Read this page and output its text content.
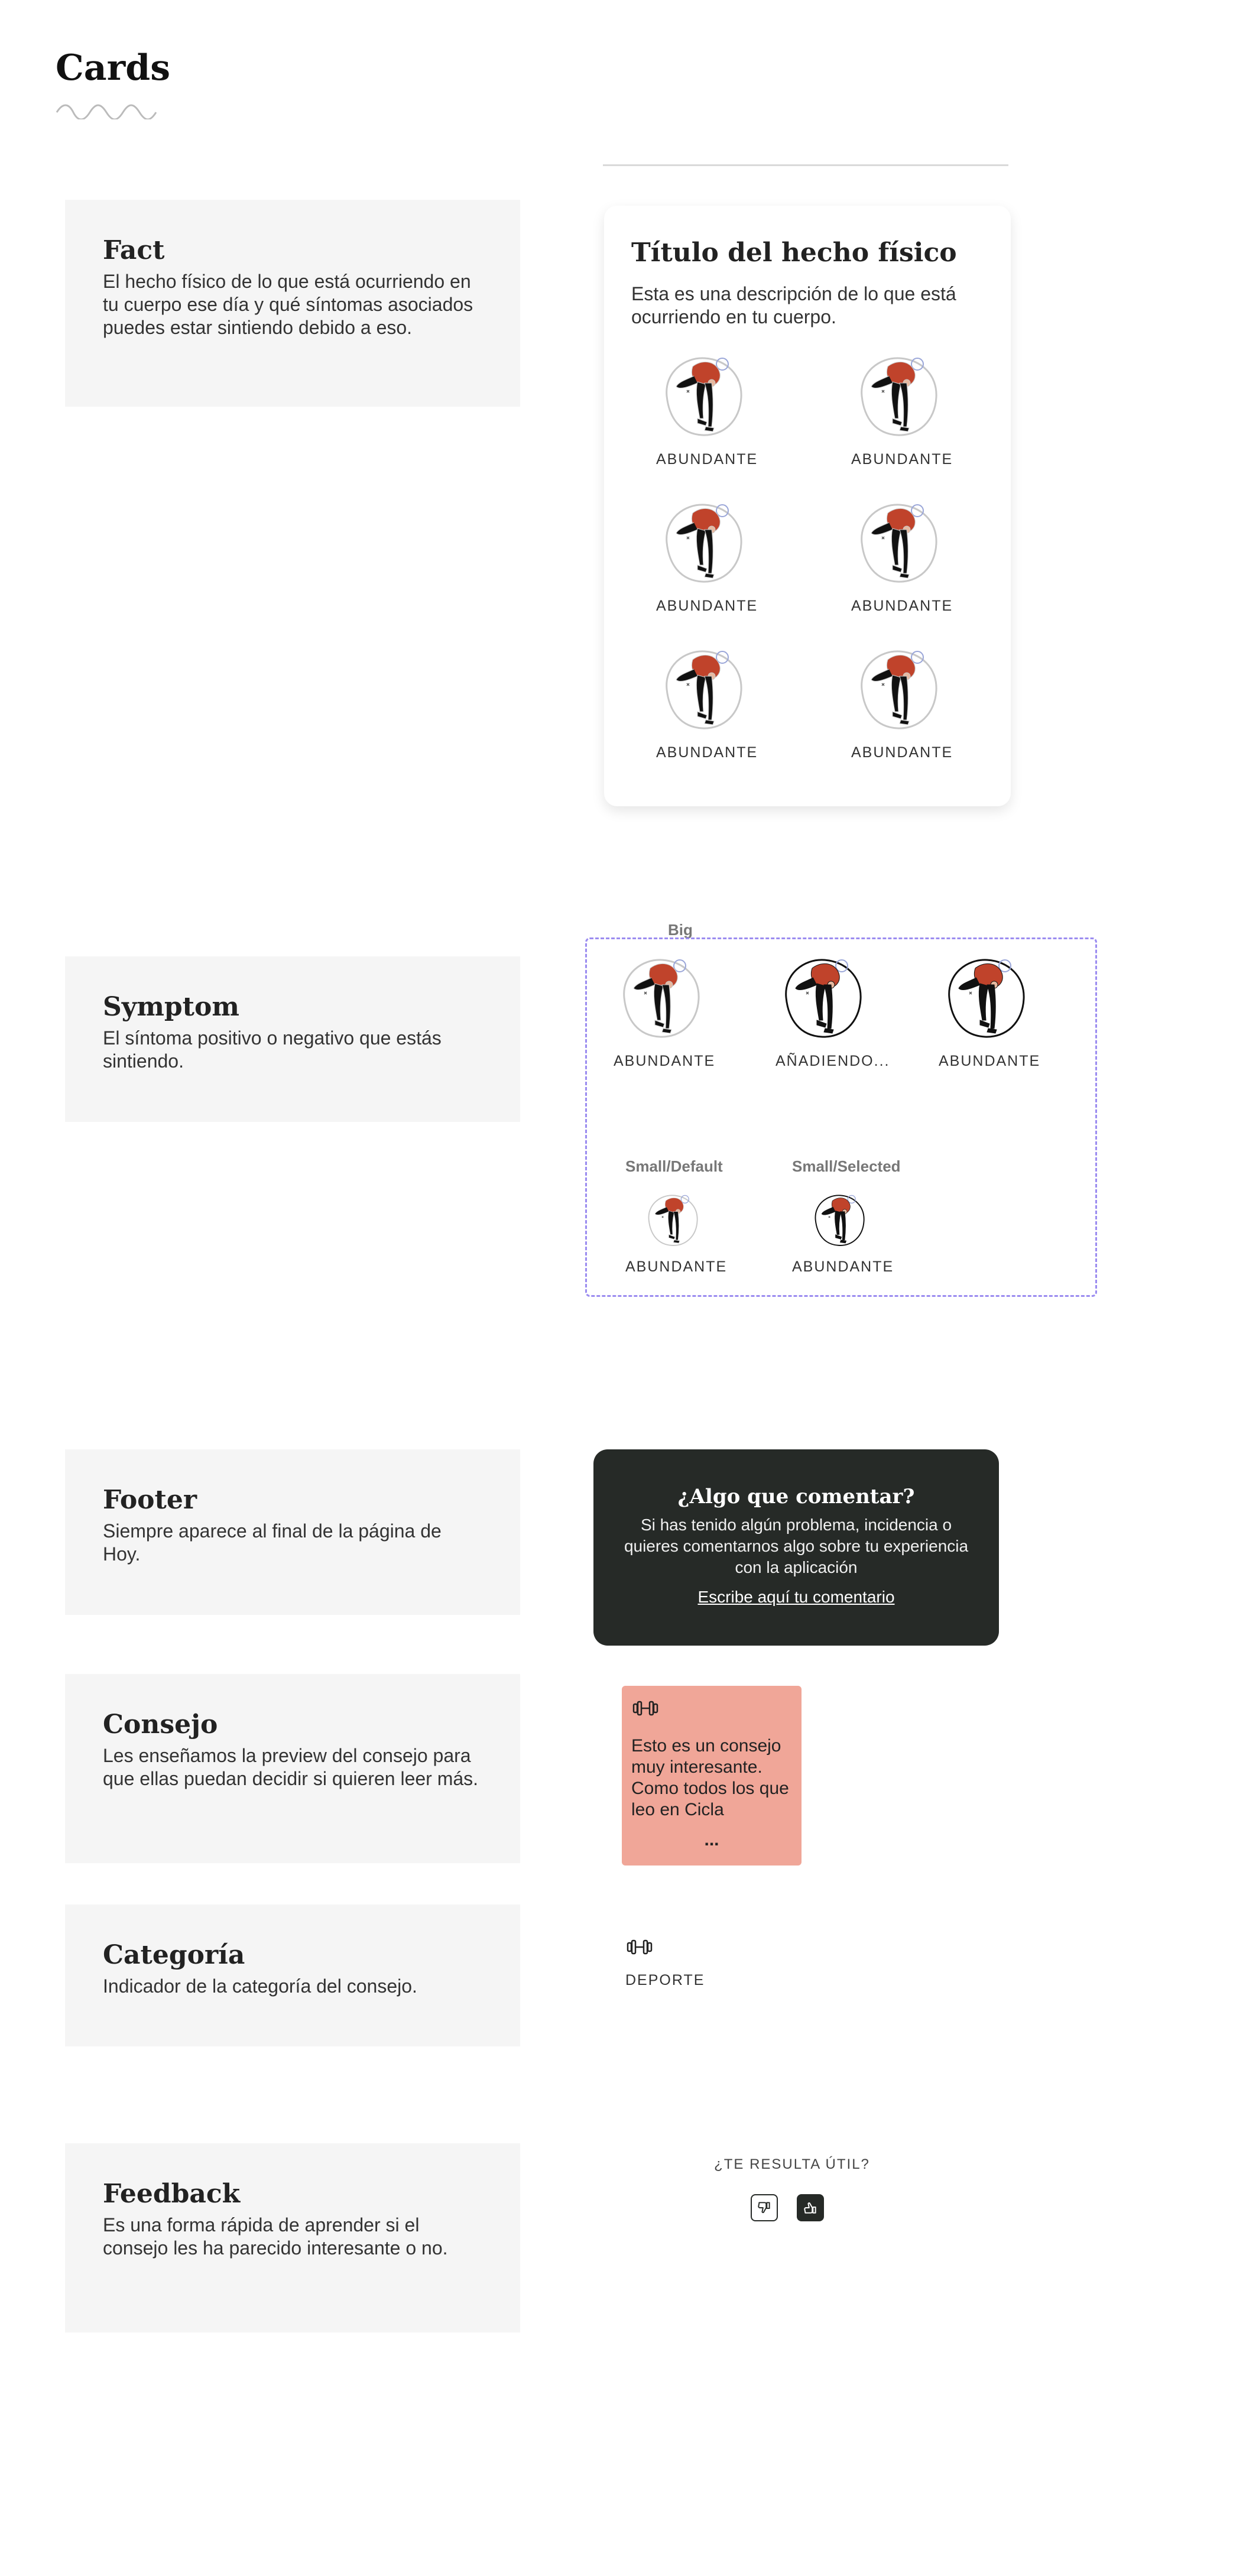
Cards
Fact

El hecho físico de lo que está ocurriendo en tu cuerpo ese día y qué síntomas asociados puedes estar sintiendo debido a eso.

Título del hecho físico
Esta es una descripción de lo que está ocurriendo en tu cuerpo.
ABUNDANTE	ABUNDANTE
ABUNDANTE	ABUNDANTE
ABUNDANTE	ABUNDANTE
Symptom

El síntoma positivo o negativo que estás sintiendo.

Big
ABUNDANTE	AÑADIENDO...	ABUNDANTE
Small/Default	Small/Selected
ABUNDANTE	ABUNDANTE
Footer

Siempre aparece al final de la página de Hoy.

¿Algo que comentar?
Si has tenido algún problema, incidencia o quieres comentarnos algo sobre tu experiencia con la aplicación
Escribe aquí tu comentario
Consejo

Les enseñamos la preview del consejo para que ellas puedan decidir si quieren leer más.

Esto es un consejo muy interesante. Como todos los que leo en Cicla
...
Categoría

Indicador de la categoría del consejo.	DEPORTE
Feedback

Es una forma rápida de aprender si el consejo les ha parecido interesante o no.

¿TE RESULTA ÚTIL?
